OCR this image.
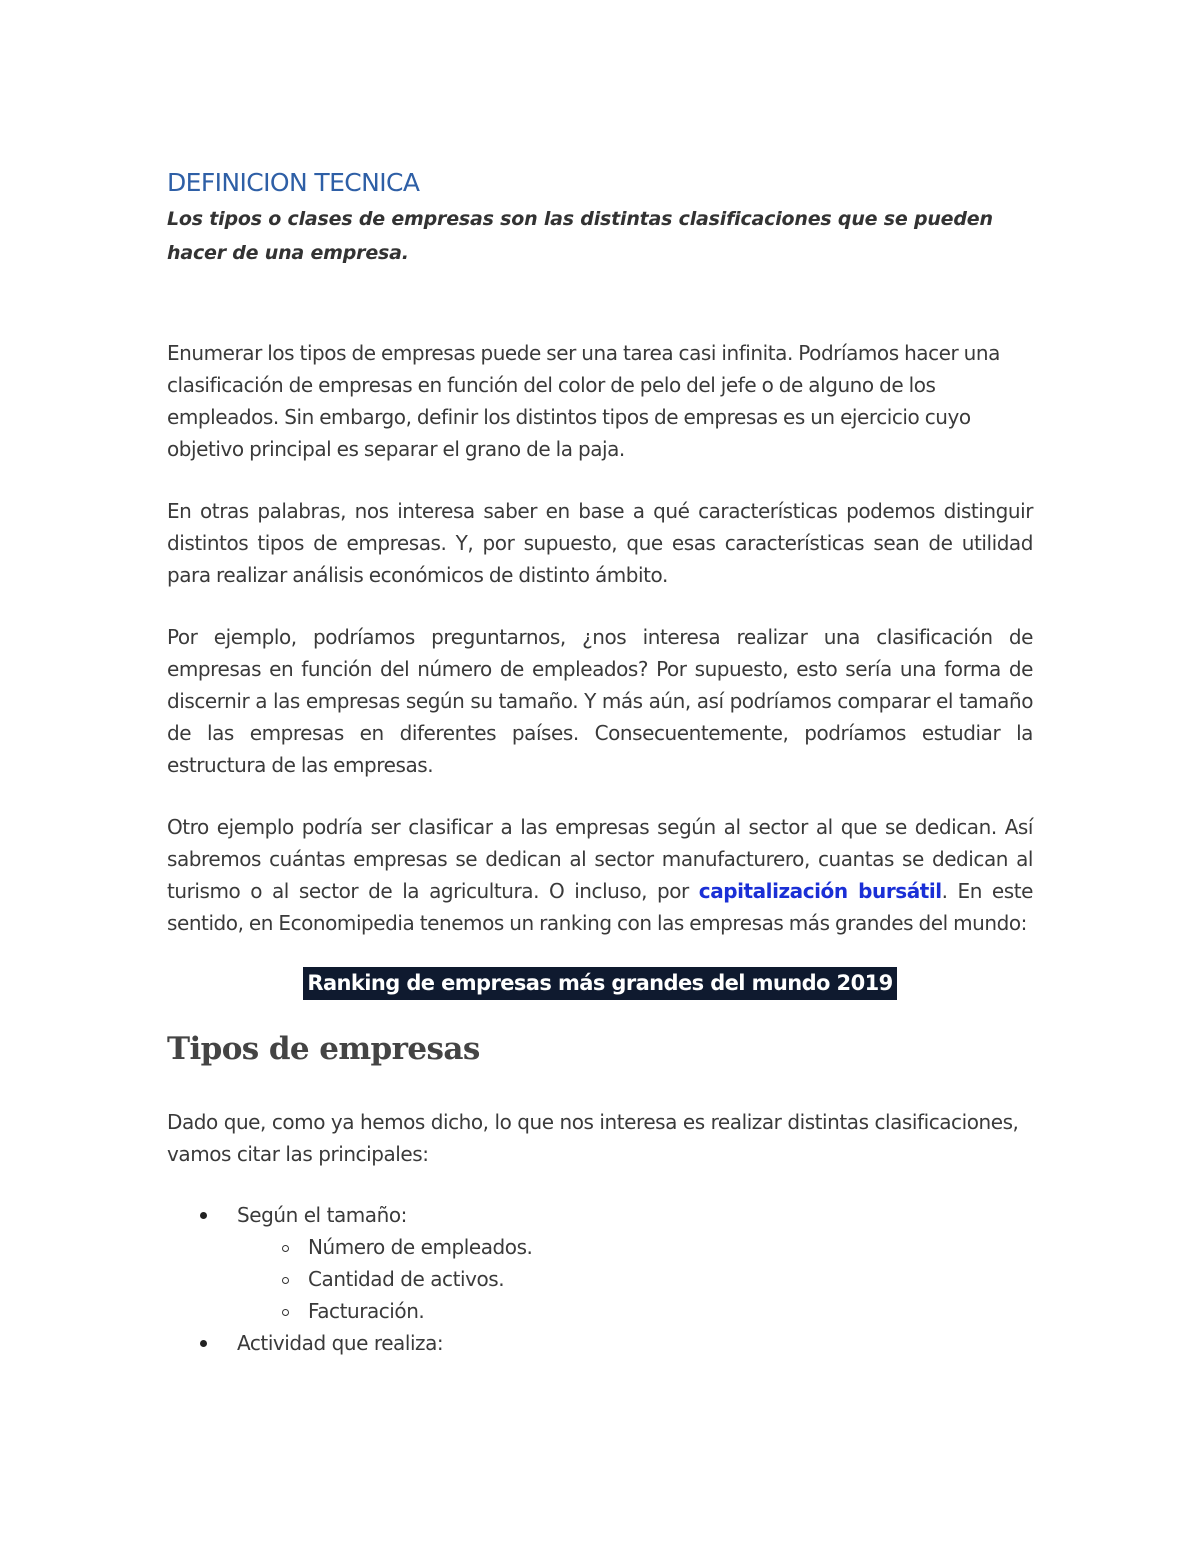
DEFINICION TECNICA

Los tipos o clases de empresas son las distintas clasificaciones que se pueden hacer de una empresa.

Enumerar los tipos de empresas puede ser una tarea casi infinita. Podríamos hacer una clasificación de empresas en función del color de pelo del jefe o de alguno de los empleados. Sin embargo, definir los distintos tipos de empresas es un ejercicio cuyo objetivo principal es separar el grano de la paja.

En otras palabras, nos interesa saber en base a qué características podemos distinguir distintos tipos de empresas. Y, por supuesto, que esas características sean de utilidad para realizar análisis económicos de distinto ámbito.

Por ejemplo, podríamos preguntarnos, ¿nos interesa realizar una clasificación de empresas en función del número de empleados? Por supuesto, esto sería una forma de discernir a las empresas según su tamaño. Y más aún, así podríamos comparar el tamaño de las empresas en diferentes países. Consecuentemente, podríamos estudiar la estructura de las empresas.

Otro ejemplo podría ser clasificar a las empresas según al sector al que se dedican. Así sabremos cuántas empresas se dedican al sector manufacturero, cuantas se dedican al turismo o al sector de la agricultura. O incluso, por capitalización bursátil. En este sentido, en Economipedia tenemos un ranking con las empresas más grandes del mundo:

Ranking de empresas más grandes del mundo 2019
Tipos de empresas

Dado que, como ya hemos dicho, lo que nos interesa es realizar distintas clasificaciones, vamos citar las principales:

Según el tamaño:
Número de empleados.
Cantidad de activos.
Facturación.
Actividad que realiza:
